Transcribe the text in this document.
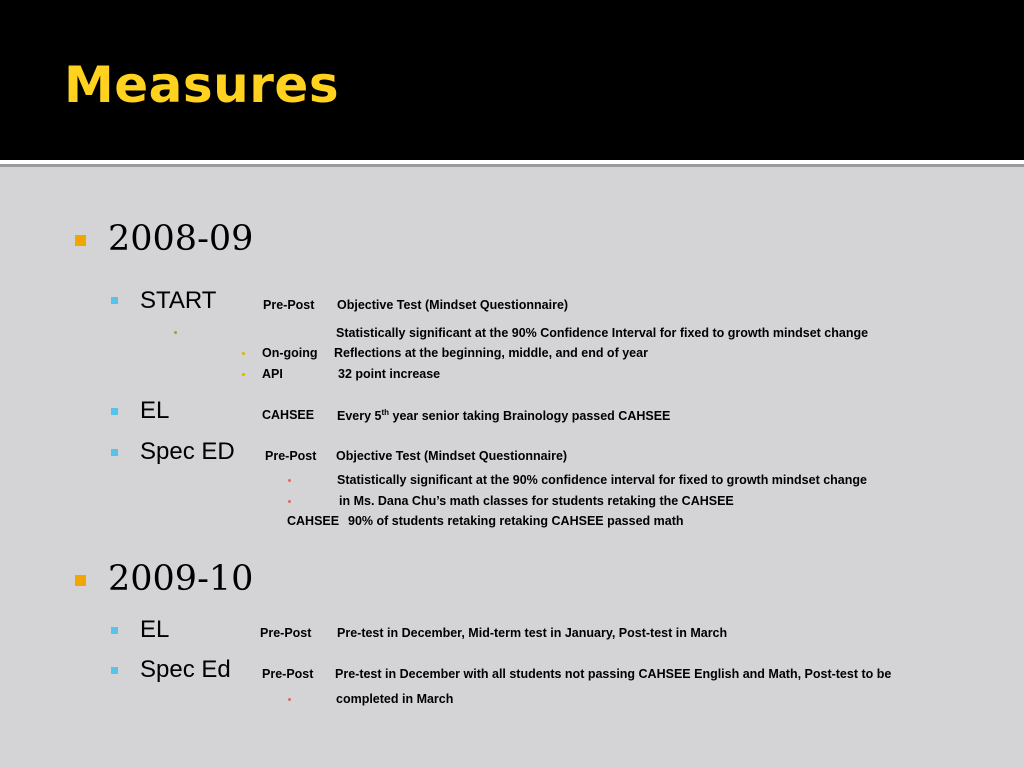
Measures
2008-09
START	Pre-Post Objective Test (Mindset Questionnaire)
Statistically significant at the 90% Confidence Interval for fixed to growth mindset change
On-going Reflections at the beginning, middle, and end of year
API	32 point increase
EL	CAHSEE Every 5th year senior taking Brainology passed CAHSEE
Spec ED Pre-Post Objective Test (Mindset Questionnaire)
Statistically significant at the 90% confidence interval for fixed to growth mindset change
in Ms. Dana Chu’s math classes for students retaking the CAHSEE
CAHSEE 90% of students retaking retaking CAHSEE passed math
2009-10
EL	Pre-Post Pre-test in December, Mid-term test in January, Post-test in March
Spec Ed	Pre-Post Pre-test in December with all students not passing CAHSEE English and Math, Post-test to be
completed in March
